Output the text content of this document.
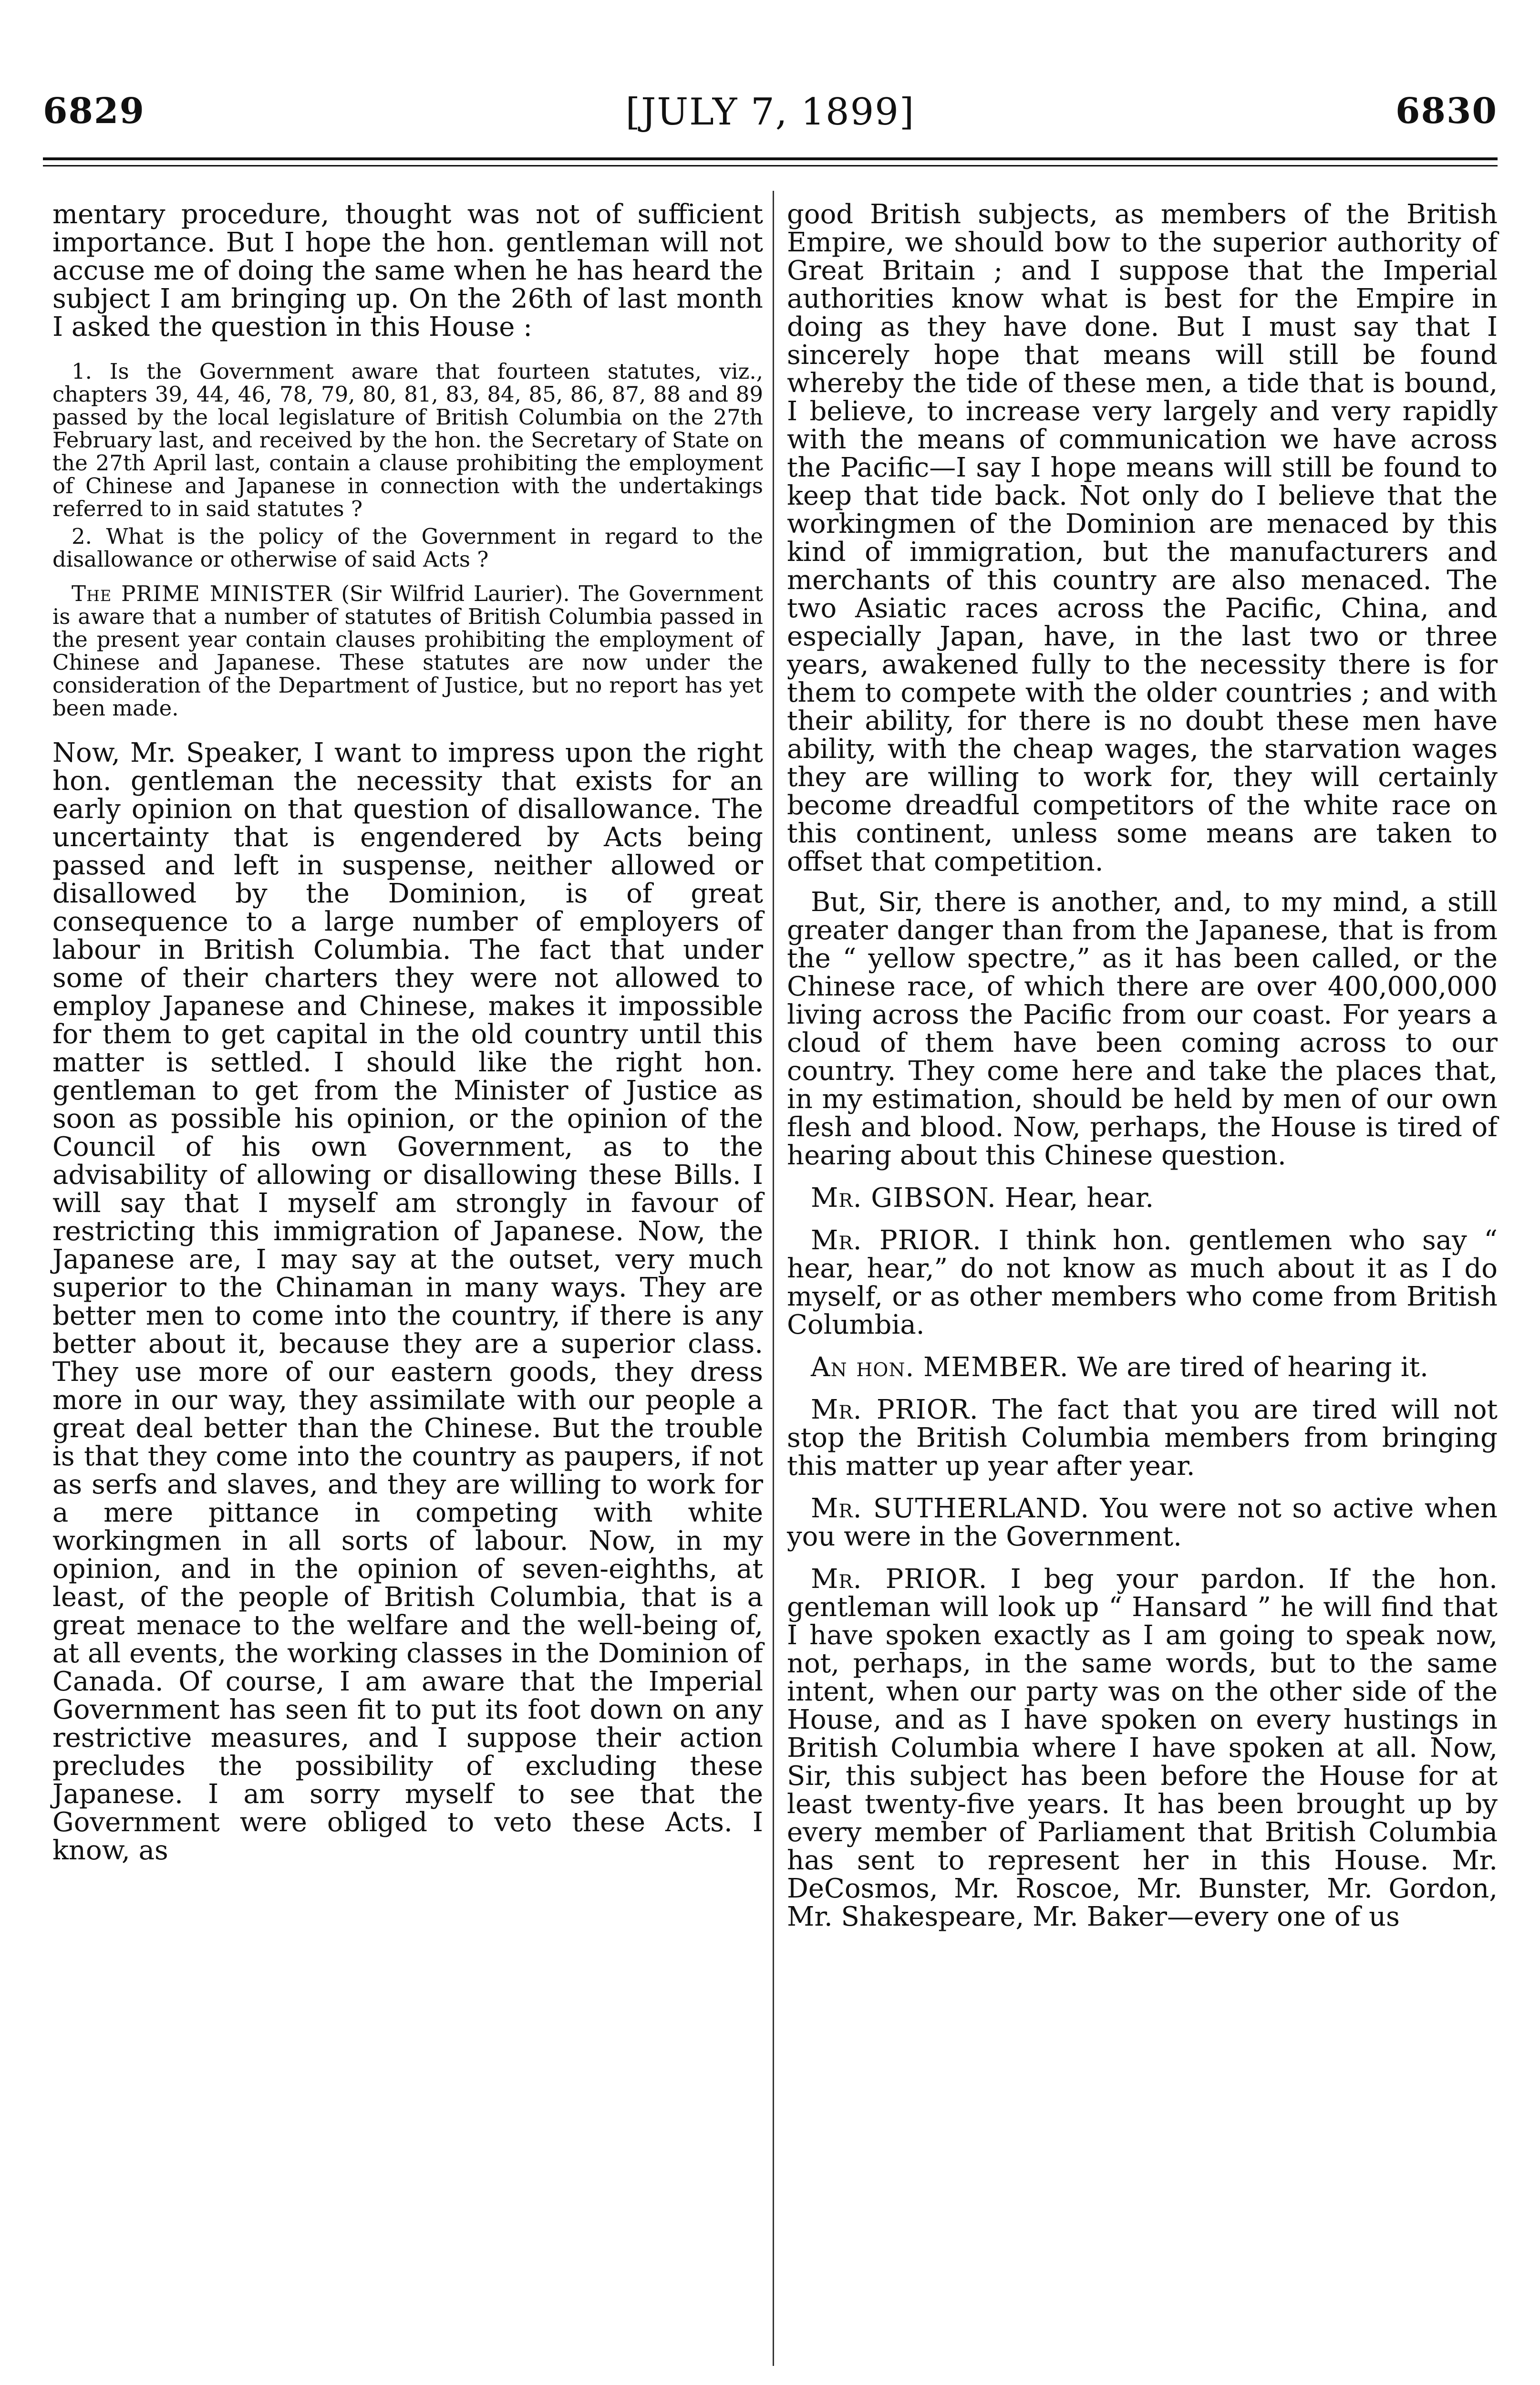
6829	[JULY 7, 1899]	6830

mentary procedure, thought was not of sufficient importance. But I hope the hon. gentleman will not accuse me of doing the same when he has heard the subject I am bringing up. On the 26th of last month I asked the question in this House :

1. Is the Government aware that fourteen statutes, viz., chapters 39, 44, 46, 78, 79, 80, 81, 83, 84, 85, 86, 87, 88 and 89 passed by the local legislature of British Columbia on the 27th February last, and received by the hon. the Secretary of State on the 27th April last, contain a clause prohibiting the employment of Chinese and Japanese in connection with the undertakings referred to in said statutes ?

2. What is the policy of the Government in regard to the disallowance or otherwise of said Acts ?

The PRIME MINISTER (Sir Wilfrid Laurier). The Government is aware that a number of statutes of British Columbia passed in the present year contain clauses prohibiting the employment of Chinese and Japanese. These statutes are now under the consideration of the Department of Justice, but no report has yet been made.

Now, Mr. Speaker, I want to impress upon the right hon. gentleman the necessity that exists for an early opinion on that question of disallowance. The uncertainty that is engendered by Acts being passed and left in suspense, neither allowed or disallowed by the Dominion, is of great consequence to a large number of employers of labour in British Columbia. The fact that under some of their charters they were not allowed to employ Japanese and Chinese, makes it impossible for them to get capital in the old country until this matter is settled. I should like the right hon. gentleman to get from the Minister of Justice as soon as possible his opinion, or the opinion of the Council of his own Government, as to the advisability of allowing or disallowing these Bills. I will say that I myself am strongly in favour of restricting this immigration of Japanese. Now, the Japanese are, I may say at the outset, very much superior to the Chinaman in many ways. They are better men to come into the country, if there is any better about it, because they are a superior class. They use more of our eastern goods, they dress more in our way, they assimilate with our people a great deal better than the Chinese. But the trouble is that they come into the country as paupers, if not as serfs and slaves, and they are willing to work for a mere pittance in competing with white workingmen in all sorts of labour. Now, in my opinion, and in the opinion of seven-eighths, at least, of the people of British Columbia, that is a great menace to the welfare and the well-being of, at all events, the working classes in the Dominion of Canada. Of course, I am aware that the Imperial Government has seen fit to put its foot down on any restrictive measures, and I suppose their action precludes the possibility of excluding these Japanese. I am sorry myself to see that the Government were obliged to veto these Acts. I know, as

good British subjects, as members of the British Empire, we should bow to the superior authority of Great Britain ; and I suppose that the Imperial authorities know what is best for the Empire in doing as they have done. But I must say that I sincerely hope that means will still be found whereby the tide of these men, a tide that is bound, I believe, to increase very largely and very rapidly with the means of communication we have across the Pacific—I say I hope means will still be found to keep that tide back. Not only do I believe that the workingmen of the Dominion are menaced by this kind of immigration, but the manufacturers and merchants of this country are also menaced. The two Asiatic races across the Pacific, China, and especially Japan, have, in the last two or three years, awakened fully to the necessity there is for them to compete with the older countries ; and with their ability, for there is no doubt these men have ability, with the cheap wages, the starvation wages they are willing to work for, they will certainly become dreadful competitors of the white race on this continent, unless some means are taken to offset that competition.

But, Sir, there is another, and, to my mind, a still greater danger than from the Japanese, that is from the “ yellow spectre,” as it has been called, or the Chinese race, of which there are over 400,000,000 living across the Pacific from our coast. For years a cloud of them have been coming across to our country. They come here and take the places that, in my estimation, should be held by men of our own flesh and blood. Now, perhaps, the House is tired of hearing about this Chinese question.

Mr. GIBSON. Hear, hear.

Mr. PRIOR. I think hon. gentlemen who say “ hear, hear,” do not know as much about it as I do myself, or as other members who come from British Columbia.

An hon. MEMBER. We are tired of hearing it.

Mr. PRIOR. The fact that you are tired will not stop the British Columbia members from bringing this matter up year after year.

Mr. SUTHERLAND. You were not so active when you were in the Government.

Mr. PRIOR. I beg your pardon. If the hon. gentleman will look up “ Hansard ” he will find that I have spoken exactly as I am going to speak now, not, perhaps, in the same words, but to the same intent, when our party was on the other side of the House, and as I have spoken on every hustings in British Columbia where I have spoken at all. Now, Sir, this subject has been before the House for at least twenty-five years. It has been brought up by every member of Parliament that British Columbia has sent to represent her in this House. Mr. DeCosmos, Mr. Roscoe, Mr. Bunster, Mr. Gordon, Mr. Shakespeare, Mr. Baker—every one of us
